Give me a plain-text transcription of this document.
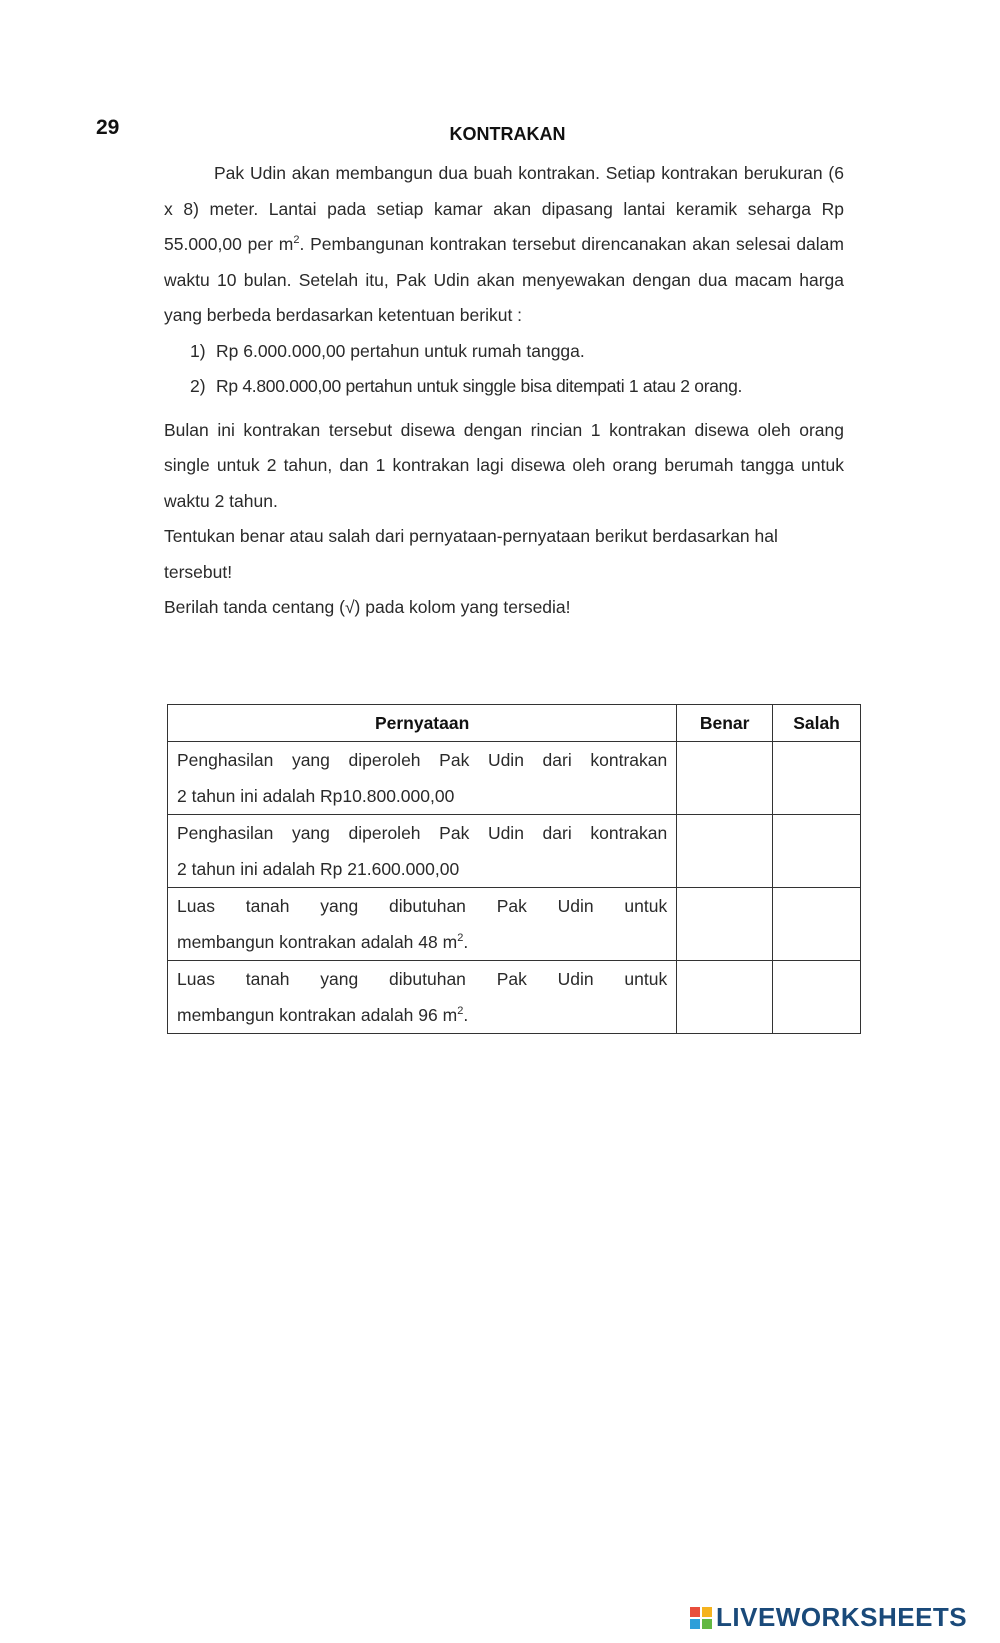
29	KONTRAKAN

Pak Udin akan membangun dua buah kontrakan. Setiap kontrakan berukuran (6 x 8) meter. Lantai pada setiap kamar akan dipasang lantai keramik seharga Rp 55.000,00 per $m^2$. Pembangunan kontrakan tersebut direncanakan akan selesai dalam waktu 10 bulan. Setelah itu, Pak Udin akan menyewakan dengan dua macam harga yang berbeda berdasarkan ketentuan berikut :

1) Rp 6.000.000,00 pertahun untuk rumah tangga.
2) Rp 4.800.000,00 pertahun untuk singgle bisa ditempati 1 atau 2 orang.

Bulan ini kontrakan tersebut disewa dengan rincian 1 kontrakan disewa oleh orang single untuk 2 tahun, dan 1 kontrakan lagi disewa oleh orang berumah tangga untuk waktu 2 tahun.

Tentukan benar atau salah dari pernyataan-pernyataan berikut berdasarkan hal tersebut!

Berilah tanda centang (√) pada kolom yang tersedia!

Pernyataan	Benar	Salah

Penghasilan yang diperoleh Pak Udin dari kontrakan
2 tahun ini adalah Rp10.800.000,00		

Penghasilan yang diperoleh Pak Udin dari kontrakan
2 tahun ini adalah Rp 21.600.000,00		

Luas tanah yang dibutuhan Pak Udin untuk
membangun kontrakan adalah 48 $m^2$.		

Luas tanah yang dibutuhan Pak Udin untuk
membangun kontrakan adalah 96 $m^2$.		

LIVEWORKSHEETS
